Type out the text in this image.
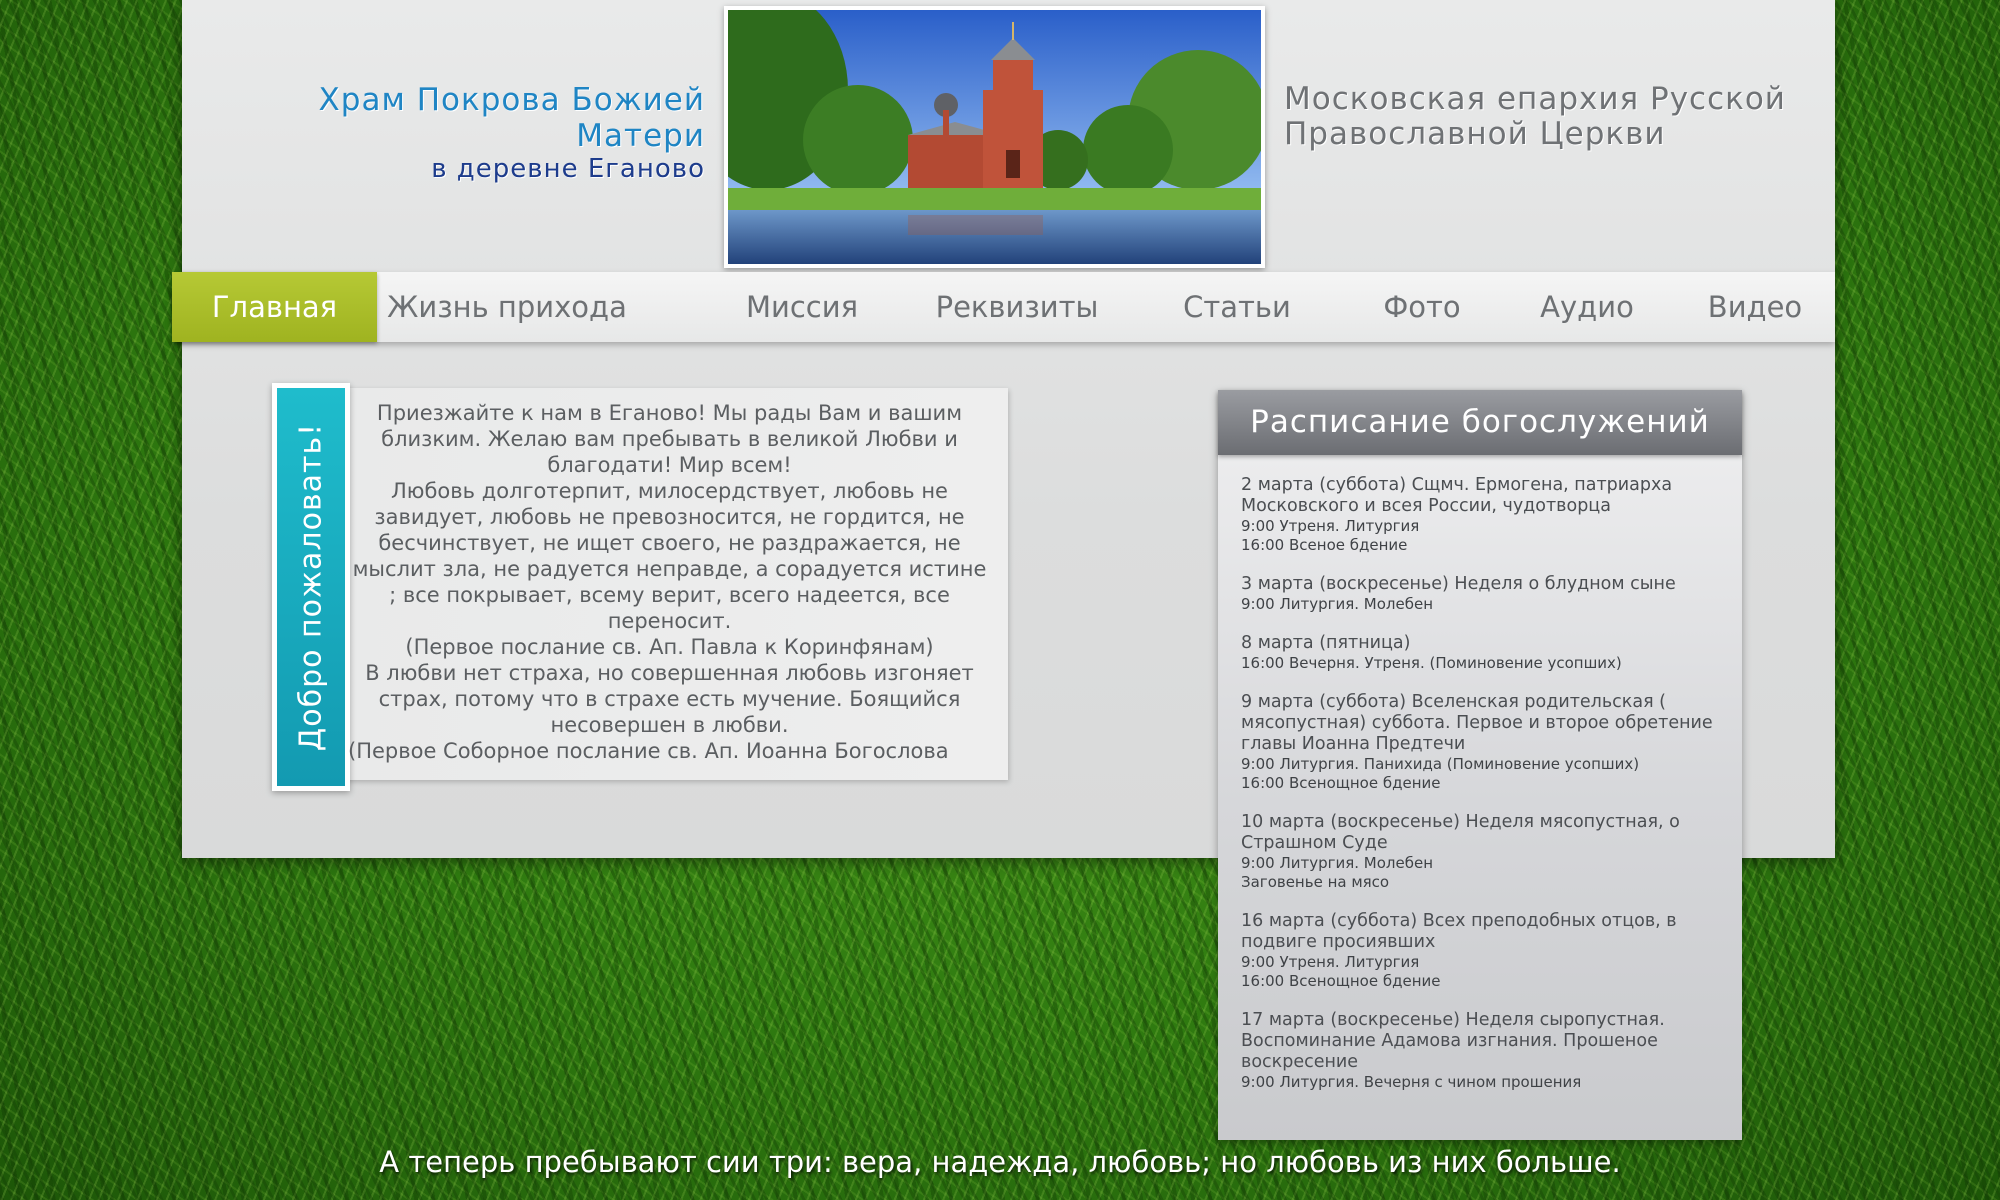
Храм Покрова Божией Матери
в деревне Еганово
Московская епархия Русской
Православной Церкви
Главная	Жизнь прихода	Миссия	Реквизиты	Статьи	Фото	Аудио	Видео
Добро пожаловать!

Приезжайте к нам в Еганово! Мы рады Вам и вашим близким. Желаю вам пребывать в великой Любви и благодати! Мир всем!

Любовь долготерпит, милосердствует, любовь не завидует, любовь не превозносится, не гордится, не бесчинствует, не ищет своего, не раздражается, не мыслит зла, не радуется неправде, а сорадуется истине ; все покрывает, всему верит, всего надеется, все переносит.

(Первое послание св. Ап. Павла к Коринфянам)

В любви нет страха, но совершенная любовь изгоняет страх, потому что в страхе есть мучение. Боящийся несовершен в любви.

(Первое Соборное послание св. Ап. Иоанна Богослова

Расписание богослужений
2 марта (суббота) Сщмч. Ермогена, патриарха Московского и всея России, чудотворца
9:00 Утреня. Литургия
16:00 Всеное бдение
3 марта (воскресенье) Неделя о блудном сыне
9:00 Литургия. Молебен
8 марта (пятница)
16:00 Вечерня. Утреня. (Поминовение усопших)
9 марта (суббота) Вселенская родительская ( мясопустная) суббота. Первое и второе обретение главы Иоанна Предтечи
9:00 Литургия. Панихида (Поминовение усопших)
16:00 Всенощное бдение
10 марта (воскресенье) Неделя мясопустная, о Страшном Суде
9:00 Литургия. Молебен
Заговенье на мясо
16 марта (суббота) Всех преподобных отцов, в подвиге просиявших
9:00 Утреня. Литургия
16:00 Всенощное бдение
17 марта (воскресенье) Неделя сыропустная. Воспоминание Адамова изгнания. Прошеное воскресение
9:00 Литургия. Вечерня с чином прошения
А теперь пребывают сии три: вера, надежда, любовь; но любовь из них больше.
